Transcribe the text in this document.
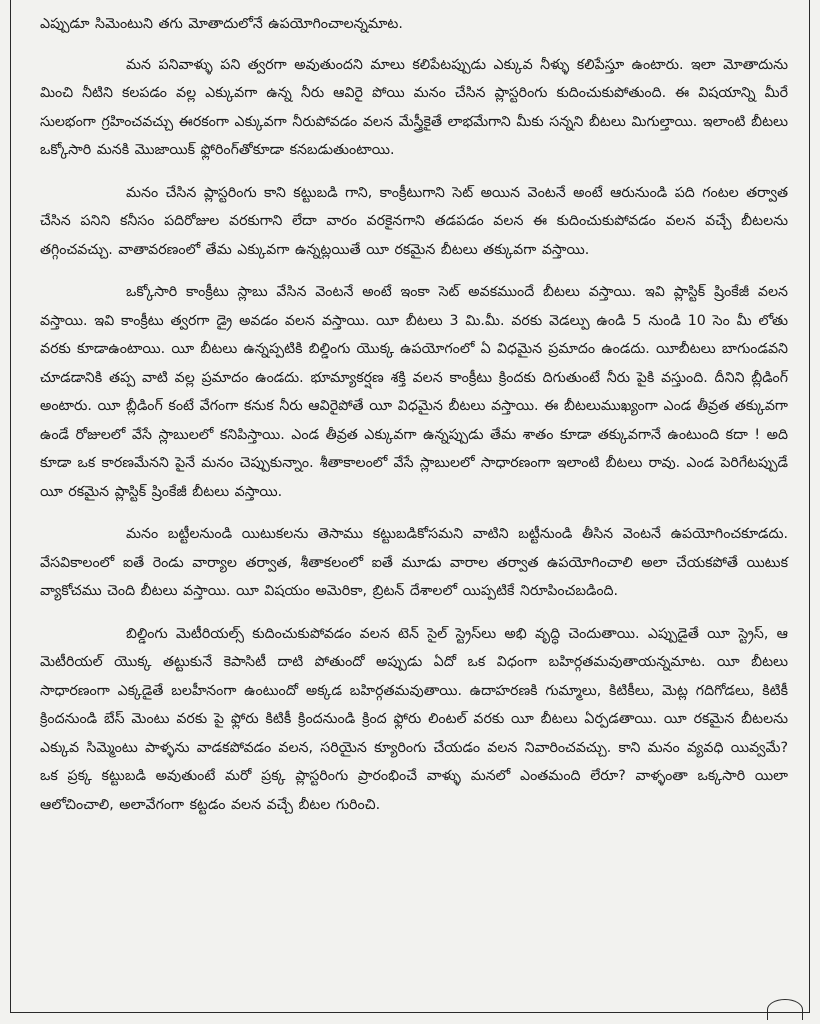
ఎప్పుడూ సిమెంటుని తగు మోతాదులోనే ఉపయోగించాలన్నమాట.

మన పనివాళ్ళు పని త్వరగా అవుతుందని మాలు కలిపేటప్పుడు ఎక్కువ నీళ్ళు కలిపేస్తూ ఉంటారు. ఇలా మోతాదును మించి నీటిని కలపడం వల్ల ఎక్కువగా ఉన్న నీరు ఆవిరై పోయి మనం చేసిన ప్లాస్టరింగు కుదించుకుపోతుంది. ఈ విషయాన్ని మీరే సులభంగా గ్రహించవచ్చు ఈరకంగా ఎక్కువగా నీరుపోవడం వలన మేస్త్రీకైతే లాభమేగాని మీకు సన్నని బీటలు మిగుల్తాయి. ఇలాంటి బీటలు ఒక్కోసారి మనకి మొజాయిక్ ఫ్లోరింగ్‌తోకూడా కనబడుతుంటాయి.

మనం చేసిన ప్లాస్టరింగు కాని కట్టుబడి గాని, కాంక్రీటుగాని సెట్ అయిన వెంటనే అంటే ఆరునుండి పది గంటల తర్వాత చేసిన పనిని కనీసం పదిరోజుల వరకుగాని లేదా వారం వరకైనగాని తడపడం వలన ఈ కుదించుకుపోవడం వలన వచ్చే బీటలను తగ్గించవచ్చు. వాతావరణంలో తేమ ఎక్కువగా ఉన్నట్లయితే యీ రకమైన బీటలు తక్కువగా వస్తాయి.

ఒక్కోసారి కాంక్రీటు స్లాబు వేసిన వెంటనే అంటే ఇంకా సెట్ అవకముందే బీటలు వస్తాయి. ఇవి ప్లాస్టిక్ ష్రింకేజీ వలన వస్తాయి. ఇవి కాంక్రీటు త్వరగా డ్రై అవడం వలన వస్తాయి. యీ బీటలు 3 మి.మీ. వరకు వెడల్పు ఉండి 5 నుండి 10 సెం మీ లోతు వరకు కూడాఉంటాయి. యీ బీటలు ఉన్నప్పటికి బిల్డింగు యొక్క ఉపయోగంలో ఏ విధమైన ప్రమాదం ఉండదు. యీబీటలు బాగుండవని చూడడానికి తప్ప వాటి వల్ల ప్రమాదం ఉండదు. భూమ్యాకర్షణ శక్తి వలన కాంక్రీటు క్రిందకు దిగుతుంటే నీరు పైకి వస్తుంది. దీనిని బ్లీడింగ్ అంటారు. యీ బ్లీడింగ్ కంటే వేగంగా కనుక నీరు ఆవిరైపోతే యీ విధమైన బీటలు వస్తాయి. ఈ బీటలుముఖ్యంగా ఎండ తీవ్రత తక్కువగా ఉండే రోజులలో వేసే స్లాబులలో కనిపిస్తాయి. ఎండ తీవ్రత ఎక్కువగా ఉన్నప్పుడు తేమ శాతం కూడా తక్కువగానే ఉంటుంది కదా ! అది కూడా ఒక కారణమేనని పైనే మనం చెప్పుకున్నాం. శీతాకాలంలో వేసే స్లాబులలో సాధారణంగా ఇలాంటి బీటలు రావు. ఎండ పెరిగేటప్పుడే యీ రకమైన ప్లాస్టిక్ ష్రింకేజీ బీటలు వస్తాయి.

మనం బట్టీలనుండి యిటుకలను తెసాము కట్టుబడికోసమని వాటిని బట్టీనుండి తీసిన వెంటనే ఉపయోగించకూడదు. వేసవికాలంలో ఐతే రెండు వార్యాల తర్వాత, శీతాకలంలో ఐతే మూడు వారాల తర్వాత ఉపయోగించాలి అలా చేయకపోతే యిటుక వ్యాకోచము చెంది బీటలు వస్తాయి. యీ విషయం అమెరికా, బ్రిటన్ దేశాలలో యిప్పటికే నిరూపించబడింది.

బిల్డింగు మెటీరియల్స్ కుదించుకుపోవడం వలన టెన్ సైల్ స్ట్రెస్‌లు అభి వృద్ధి చెందుతాయి. ఎప్పుడైతే యీ స్ట్రెస్, ఆ మెటీరియల్ యొక్క తట్టుకునే కెపాసిటీ దాటి పోతుందో అప్పుడు ఏదో ఒక విధంగా బహిర్గతమవుతాయన్నమాట. యీ బీటలు సాధారణంగా ఎక్కడైతే బలహీనంగా ఉంటుందో అక్కడ బహిర్గతమవుతాయి. ఉదాహరణకి గుమ్మాలు, కిటికీలు, మెట్ల గదిగోడలు, కిటికీ క్రిందనుండి బేస్ మెంటు వరకు పై ఫ్లోరు కిటికీ క్రిందనుండి క్రింద ఫ్లోరు లింటల్ వరకు యీ బీటలు ఏర్పడతాయి. యీ రకమైన బీటలను ఎక్కువ సిమ్మెంటు పాళ్ళను వాడకపోవడం వలన, సరియైన క్యూరింగు చేయడం వలన నివారించవచ్చు. కాని మనం వ్యవధి యివ్వమే? ఒక ప్రక్క కట్టుబడి అవుతుంటే మరో ప్రక్క ప్లాస్టరింగు ప్రారంభించే వాళ్ళు మనలో ఎంతమంది లేరూ? వాళ్ళంతా ఒక్కసారి యిలా ఆలోచించాలి, అలావేగంగా కట్టడం వలన వచ్చే బీటల గురించి.
